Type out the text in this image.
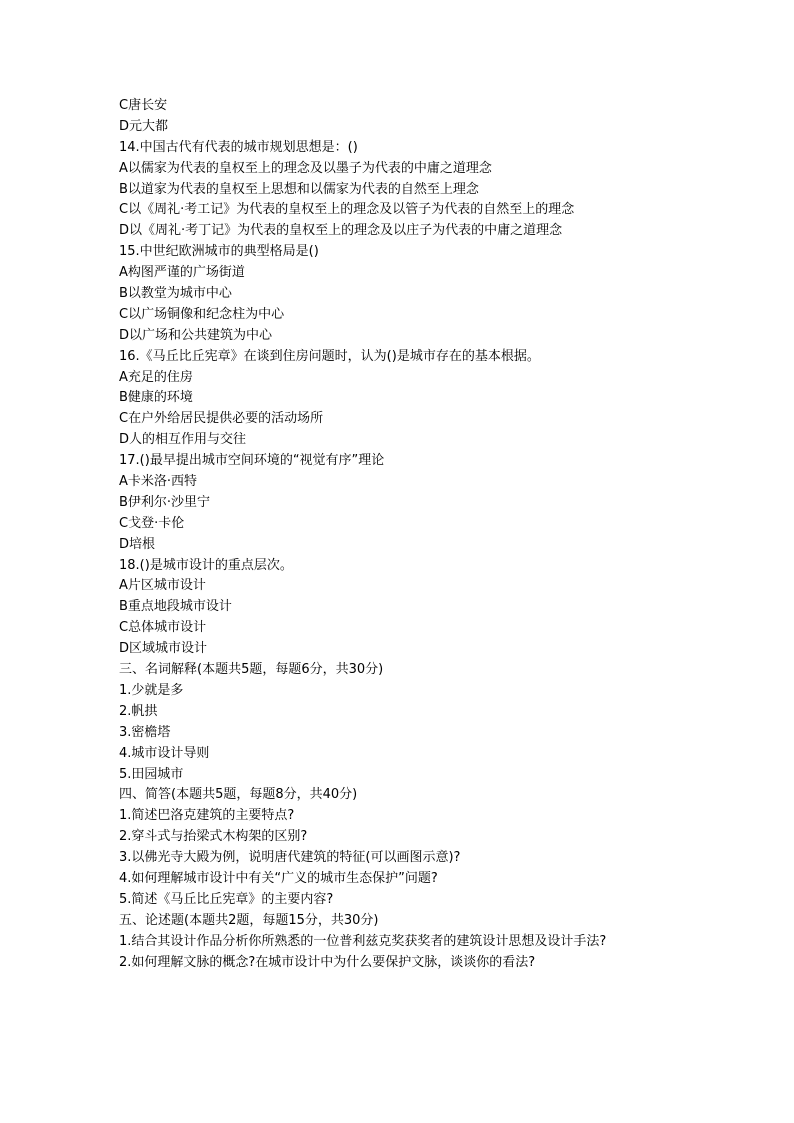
C唐长安
D元大都
14.中国古代有代表的城市规划思想是：()
A以儒家为代表的皇权至上的理念及以墨子为代表的中庸之道理念
B以道家为代表的皇权至上思想和以儒家为代表的自然至上理念
C以《周礼·考工记》为代表的皇权至上的理念及以管子为代表的自然至上的理念
D以《周礼·考丁记》为代表的皇权至上的理念及以庄子为代表的中庸之道理念
15.中世纪欧洲城市的典型格局是()
A构图严谨的广场街道
B以教堂为城市中心
C以广场铜像和纪念柱为中心
D以广场和公共建筑为中心
16.《马丘比丘宪章》在谈到住房问题时，认为()是城市存在的基本根据。
A充足的住房
B健康的环境
C在户外给居民提供必要的活动场所
D人的相互作用与交往
17.()最早提出城市空间环境的“视觉有序”理论
A卡米洛·西特
B伊利尔·沙里宁
C戈登·卡伦
D培根
18.()是城市设计的重点层次。
A片区城市设计
B重点地段城市设计
C总体城市设计
D区域城市设计
三、名词解释(本题共5题，每题6分，共30分)
1.少就是多
2.帆拱
3.密檐塔
4.城市设计导则
5.田园城市
四、简答(本题共5题，每题8分，共40分)
1.简述巴洛克建筑的主要特点?
2.穿斗式与抬梁式木构架的区别?
3.以佛光寺大殿为例，说明唐代建筑的特征(可以画图示意)?
4.如何理解城市设计中有关“广义的城市生态保护”问题?
5.简述《马丘比丘宪章》的主要内容?
五、论述题(本题共2题，每题15分，共30分)
1.结合其设计作品分析你所熟悉的一位普利兹克奖获奖者的建筑设计思想及设计手法?
2.如何理解文脉的概念?在城市设计中为什么要保护文脉，谈谈你的看法?
